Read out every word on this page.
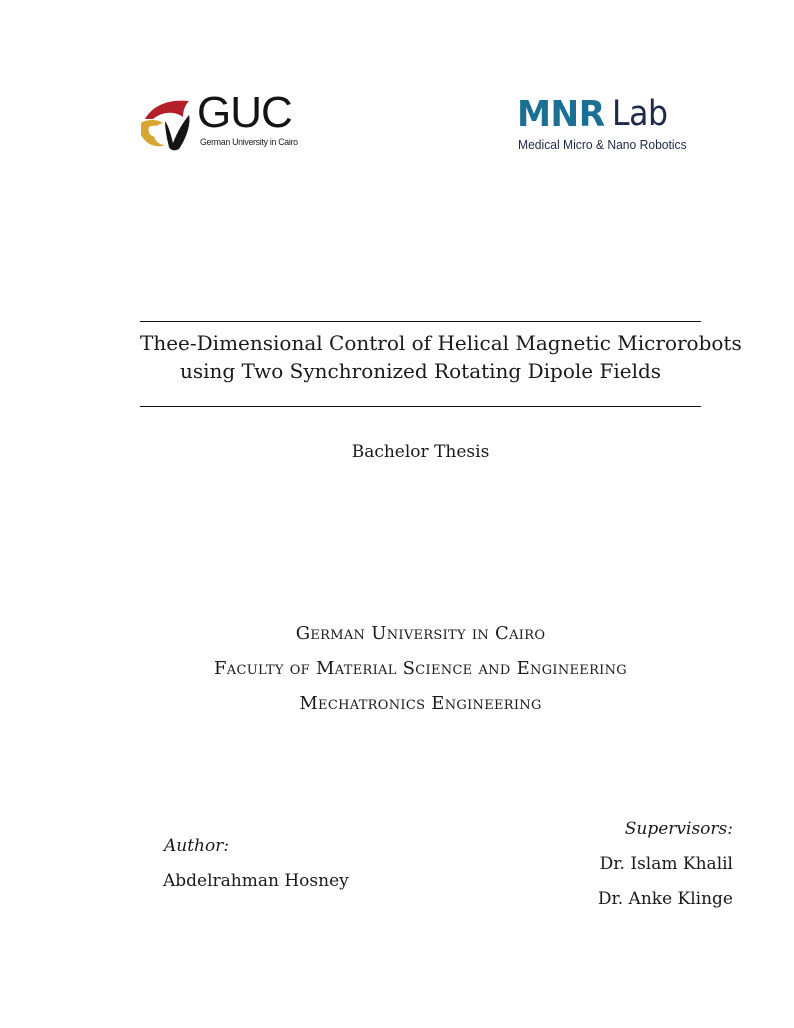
GUC
German University in Cairo
MNR Lab
Medical Micro & Nano Robotics
Thee-Dimensional Control of Helical Magnetic Microrobots
using Two Synchronized Rotating Dipole Fields
Bachelor Thesis
German University in Cairo
Faculty of Material Science and Engineering
Mechatronics Engineering
Author:
Abdelrahman Hosney
Supervisors:
Dr. Islam Khalil
Dr. Anke Klinge
